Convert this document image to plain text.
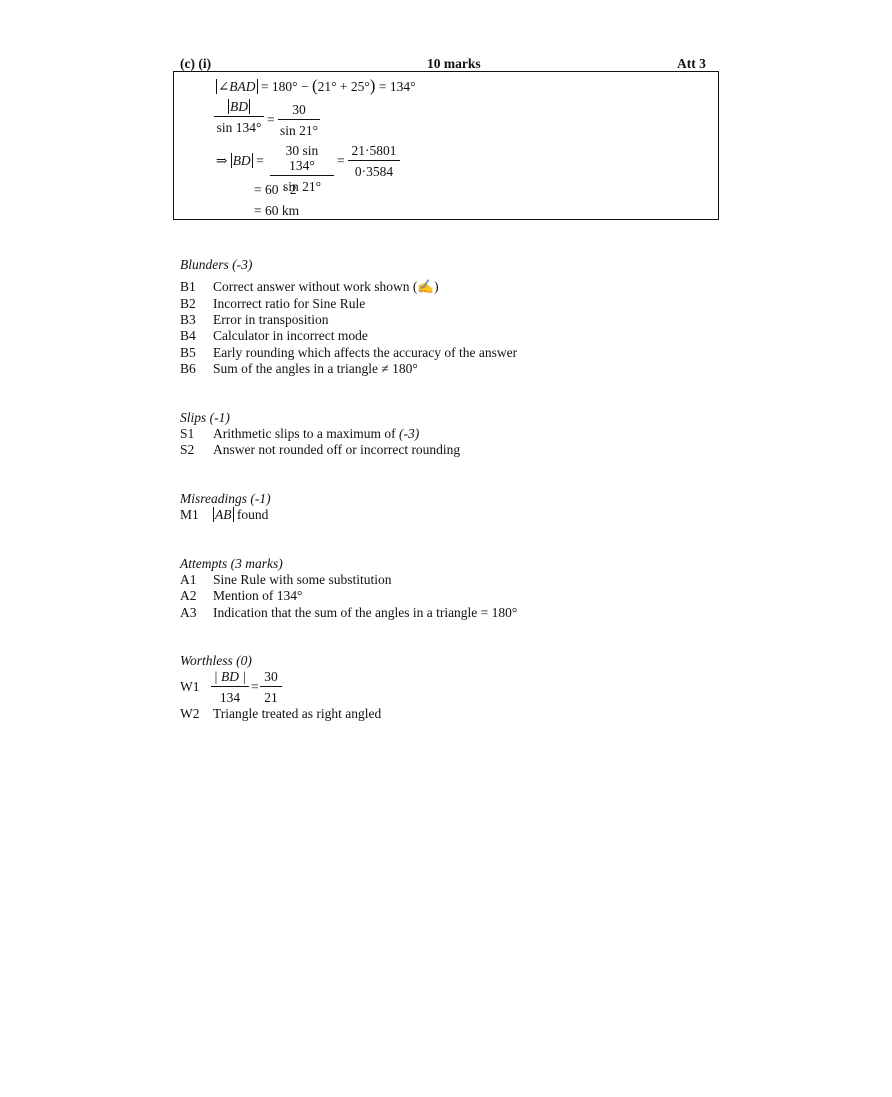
(c) (i)	10 marks	Att 3
∠BAD = 180° − (21° + 25°) = 134°
$\frac{BD}{\sin 134^\circ} = \frac{30}{\sin 21^\circ}$
⇒ BD = $\frac{30 \sin 134^\circ}{\sin 21^\circ} = \frac{21\cdot 5801}{0\cdot 3584}$
= 60 · 2
= 60 km
Blunders (-3)
B1 Correct answer without work shown (✍)
B2 Incorrect ratio for Sine Rule
B3 Error in transposition
B4 Calculator in incorrect mode
B5 Early rounding which affects the accuracy of the answer
B6 Sum of the angles in a triangle ≠ 180°
Slips (-1)
S1 Arithmetic slips to a maximum of (-3)
S2 Answer not rounded off or incorrect rounding
Misreadings (-1)
M1 AB found
Attempts (3 marks)
A1 Sine Rule with some substitution
A2 Mention of 134°
A3 Indication that the sum of the angles in a triangle = 180°
Worthless (0)
$W1 \frac{| BD |}{134} = \frac{30}{21}$
W2 Triangle treated as right angled
